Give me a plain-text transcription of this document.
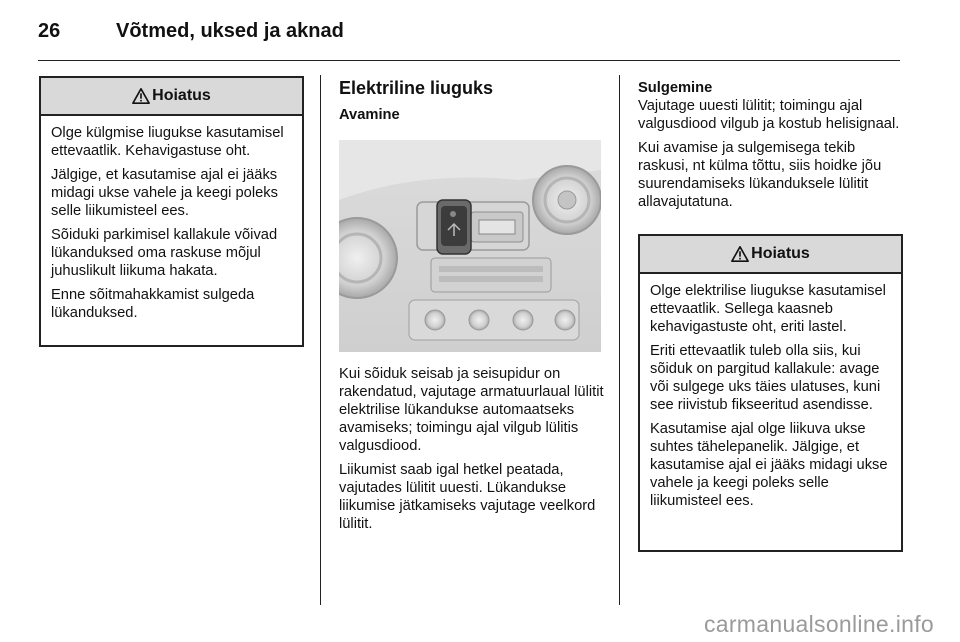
26	Võtmed, uksed ja aknad
Hoiatus

Olge külgmise liugukse kasutamisel ettevaatlik. Kehavigastuse oht.

Jälgige, et kasutamise ajal ei jääks midagi ukse vahele ja keegi poleks selle liikumisteel ees.

Sõiduki parkimisel kallakule võivad lükanduksed oma raskuse mõjul juhuslikult liikuma hakata.

Enne sõitmahakkamist sulgeda lükanduksed.

Elektriline liuguks
Avamine

Kui sõiduk seisab ja seisupidur on rakendatud, vajutage armatuurlaual lülitit elektrilise lükandukse automaatseks avamiseks; toimingu ajal vilgub lülitis valgusdiood.

Liikumist saab igal hetkel peatada, vajutades lülitit uuesti. Lükandukse liikumise jätkamiseks vajutage veelkord lülitit.

Sulgemine

Vajutage uuesti lülitit; toimingu ajal valgusdiood vilgub ja kostub helisignaal.

Kui avamise ja sulgemisega tekib raskusi, nt külma tõttu, siis hoidke jõu suurendamiseks lükanduksele lülitit allavajutatuna.

Hoiatus

Olge elektrilise liugukse kasutamisel ettevaatlik. Sellega kaasneb kehavigastuste oht, eriti lastel.

Eriti ettevaatlik tuleb olla siis, kui sõiduk on pargitud kallakule: avage või sulgege uks täies ulatuses, kuni see riivistub fikseeritud asendisse.

Kasutamise ajal olge liikuva ukse suhtes tähelepanelik. Jälgige, et kasutamise ajal ei jääks midagi ukse vahele ja keegi poleks selle liikumisteel ees.

carmanualsonline.info
